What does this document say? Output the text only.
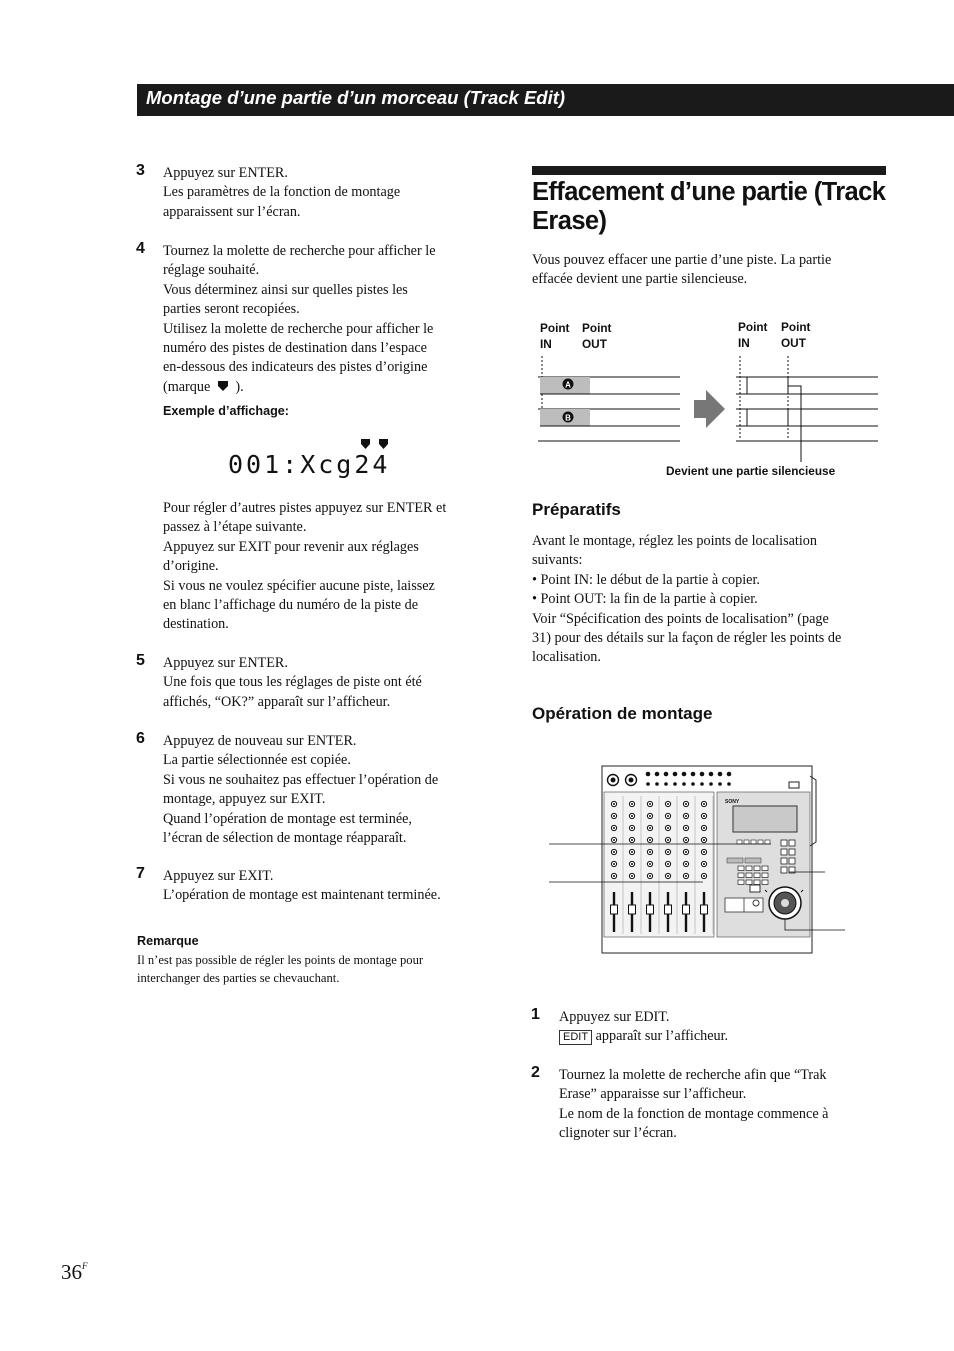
Montage d’une partie d’un morceau (Track Edit)
3 Appuyez sur ENTER.
Les paramètres de la fonction de montage
apparaissent sur l’écran.
4 Tournez la molette de recherche pour afficher le
réglage souhaité.
Vous déterminez ainsi sur quelles pistes les
parties seront recopiées.
Utilisez la molette de recherche pour afficher le
numéro des pistes de destination dans l’espace
en-dessous des indicateurs des pistes d’origine
(marque ).
Exemple d’affichage:
001:Xcg24
Pour régler d’autres pistes appuyez sur ENTER et
passez à l’étape suivante.
Appuyez sur EXIT pour revenir aux réglages
d’origine.
Si vous ne voulez spécifier aucune piste, laissez
en blanc l’affichage du numéro de la piste de
destination.
5 Appuyez sur ENTER.
Une fois que tous les réglages de piste ont été
affichés, “OK?” apparaît sur l’afficheur.
6 Appuyez de nouveau sur ENTER.
La partie sélectionnée est copiée.
Si vous ne souhaitez pas effectuer l’opération de
montage, appuyez sur EXIT.
Quand l’opération de montage est terminée,
l’écran de sélection de montage réapparaît.
7 Appuyez sur EXIT.
L’opération de montage est maintenant terminée.
Remarque
Il n’est pas possible de régler les points de montage pour
interchanger des parties se chevauchant.
Effacement d’une partie (Track
Erase)
Vous pouvez effacer une partie d’une piste. La partie
effacée devient une partie silencieuse.
Point
IN
Point
OUT
Point
IN
Point
OUT
A
B
Devient une partie silencieuse
Préparatifs
Avant le montage, réglez les points de localisation
suivants:
• Point IN: le début de la partie à copier.
• Point OUT: la fin de la partie à copier.
Voir “Spécification des points de localisation” (page
31) pour des détails sur la façon de régler les points de
localisation.
Opération de montage
SONY
1 Appuyez sur EDIT.
EDIT apparaît sur l’afficheur.
2 Tournez la molette de recherche afin que “Trak
Erase” apparaisse sur l’afficheur.
Le nom de la fonction de montage commence à
clignoter sur l’écran.
$36^F$
